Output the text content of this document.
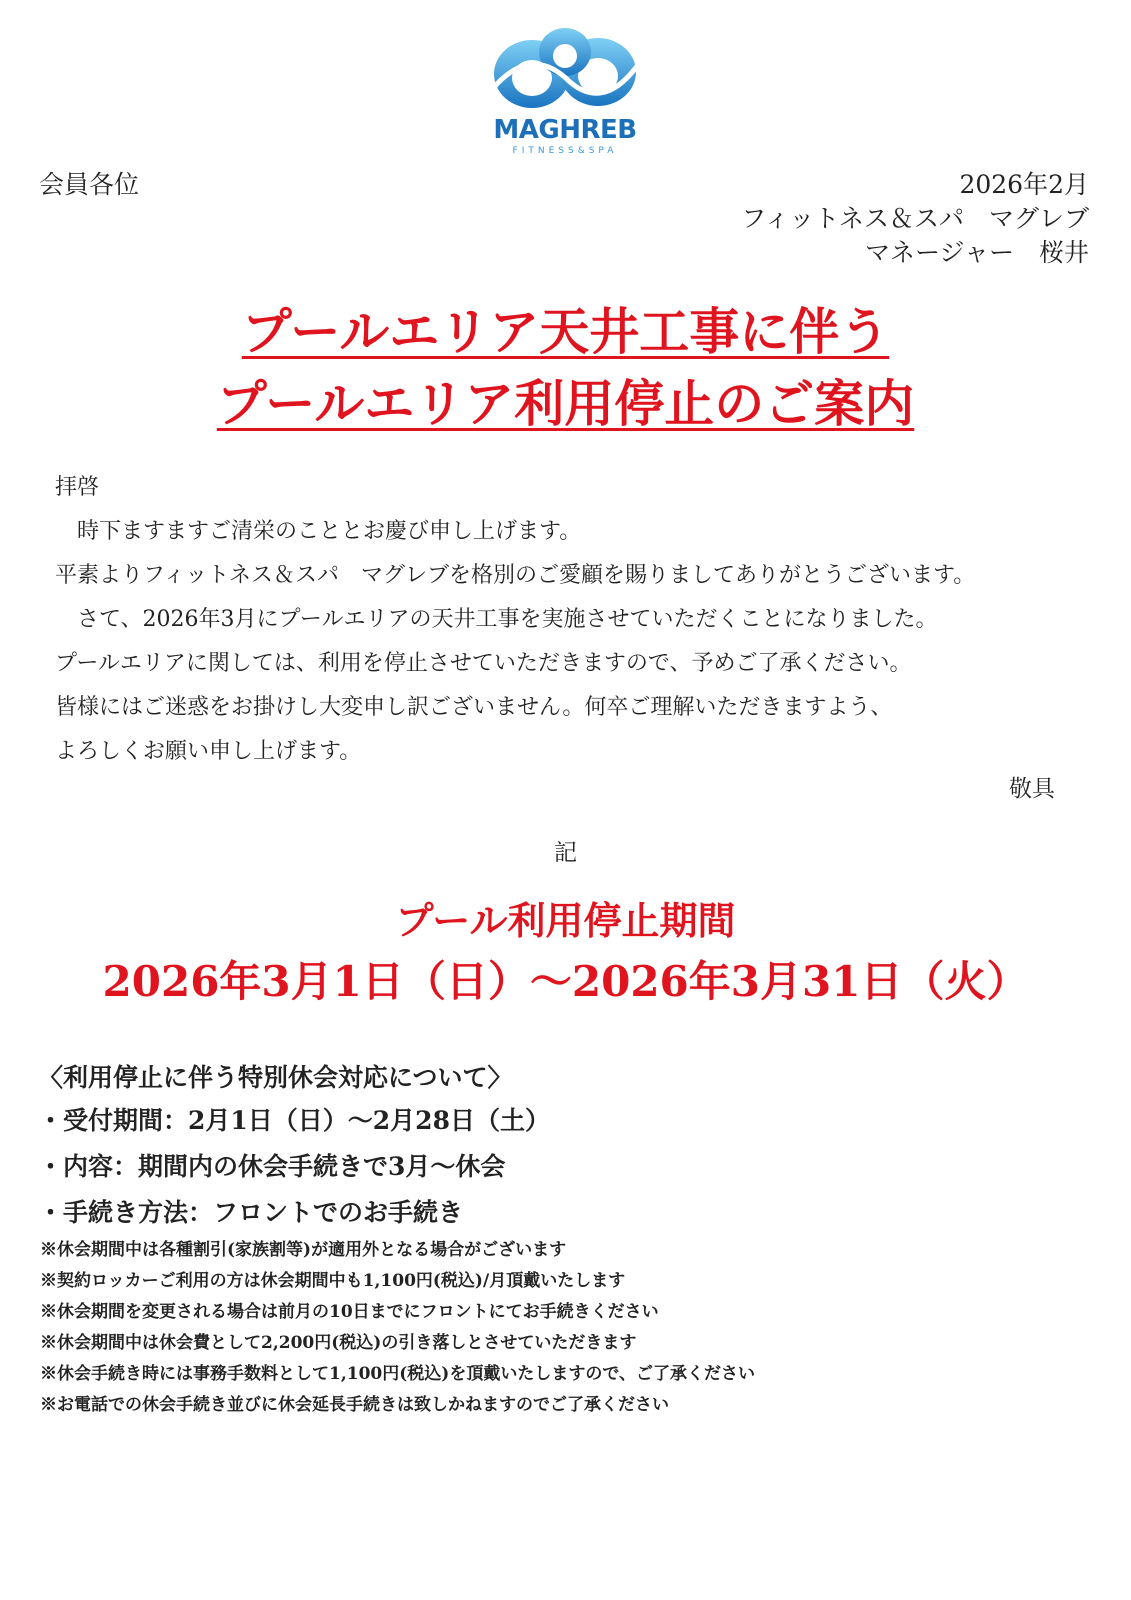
MAGHREB
FITNESS&SPA
会員各位	2026年2月
フィットネス＆スパ　マグレブ
マネージャー　桜井
プールエリア天井工事に伴う
プールエリア利用停止のご案内
拝啓
　時下ますますご清栄のこととお慶び申し上げます。
平素よりフィットネス＆スパ　マグレブを格別のご愛顧を賜りましてありがとうございます。
　さて、2026年3月にプールエリアの天井工事を実施させていただくことになりました。
プールエリアに関しては、利用を停止させていただきますので、予めご了承ください。
皆様にはご迷惑をお掛けし大変申し訳ございません。何卒ご理解いただきますよう、
よろしくお願い申し上げます。
敬具
記
プール利用停止期間
2026年3月1日（日）～2026年3月31日（火）
〈利用停止に伴う特別休会対応について〉
・受付期間：2月1日（日）～2月28日（土）
・内容：期間内の休会手続きで3月～休会
・手続き方法：フロントでのお手続き
※休会期間中は各種割引(家族割等)が適用外となる場合がございます
※契約ロッカーご利用の方は休会期間中も1,100円(税込)/月頂戴いたします
※休会期間を変更される場合は前月の10日までにフロントにてお手続きください
※休会期間中は休会費として2,200円(税込)の引き落しとさせていただきます
※休会手続き時には事務手数料として1,100円(税込)を頂戴いたしますので、ご了承ください
※お電話での休会手続き並びに休会延長手続きは致しかねますのでご了承ください
